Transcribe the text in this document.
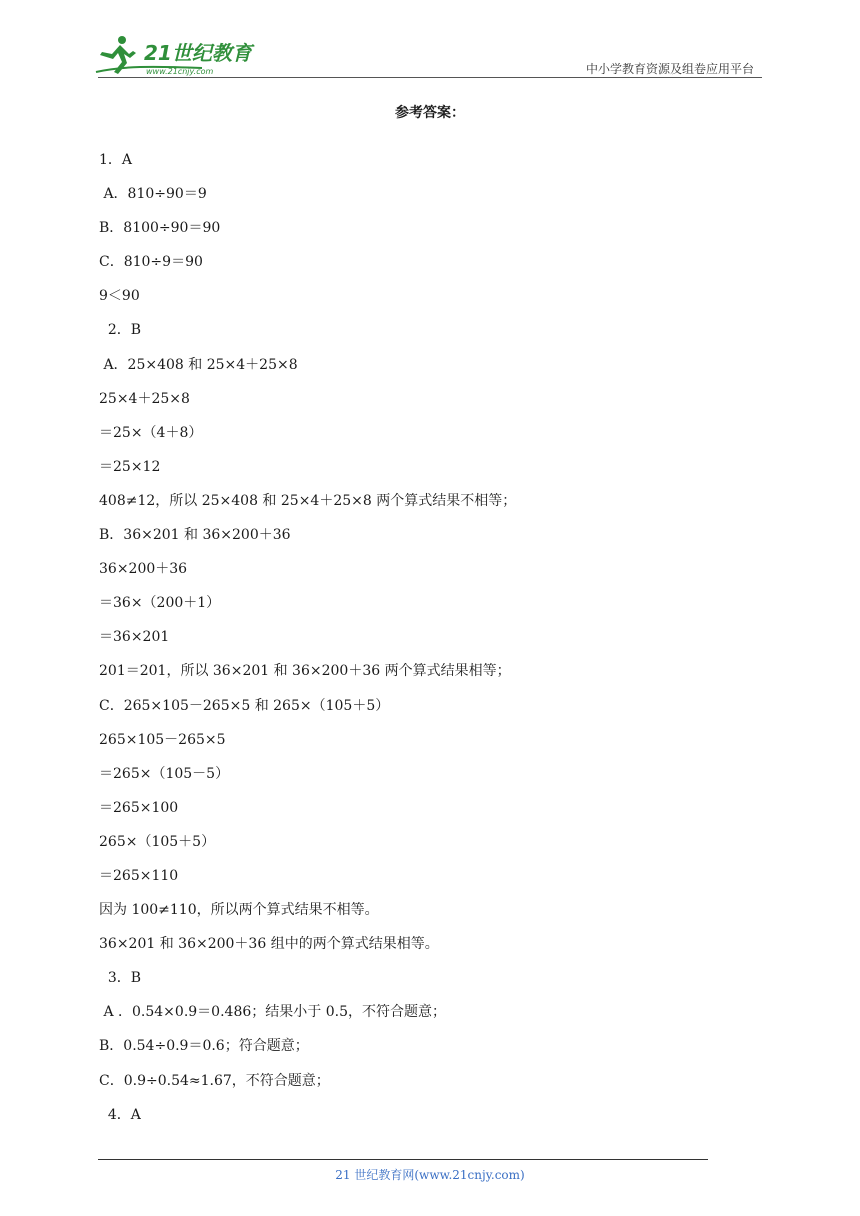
21世纪教育
www.21cnjy.com	中小学教育资源及组卷应用平台
参考答案：
1．A
A．810÷90＝9
B．8100÷90＝90
C．810÷9＝90
9＜90
2．B
A．25×408 和 25×4＋25×8
25×4＋25×8
＝25×（4＋8）
＝25×12
408≠12，所以 25×408 和 25×4＋25×8 两个算式结果不相等；
B．36×201 和 36×200＋36
36×200＋36
＝36×（200＋1）
＝36×201
201＝201，所以 36×201 和 36×200＋36 两个算式结果相等；
C．265×105－265×5 和 265×（105＋5）
265×105－265×5
＝265×（105－5）
＝265×100
265×（105＋5）
＝265×110
因为 100≠110，所以两个算式结果不相等。
36×201 和 36×200＋36 组中的两个算式结果相等。
3．B
A ．0.54×0.9＝0.486；结果小于 0.5，不符合题意；
B．0.54÷0.9＝0.6；符合题意；
C．0.9÷0.54≈1.67，不符合题意；
4．A
21 世纪教育网(www.21cnjy.com)
